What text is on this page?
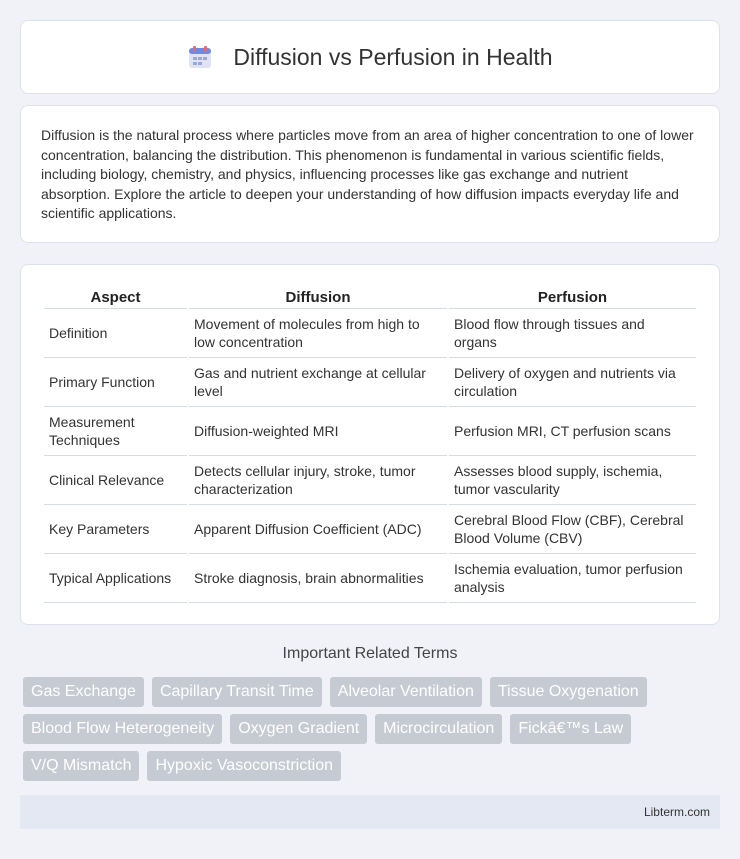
Diffusion vs Perfusion in Health

Diffusion is the natural process where particles move from an area of higher concentration to one of lower concentration, balancing the distribution. This phenomenon is fundamental in various scientific fields, including biology, chemistry, and physics, influencing processes like gas exchange and nutrient absorption. Explore the article to deepen your understanding of how diffusion impacts everyday life and scientific applications.

Aspect	Diffusion	Perfusion
Definition	Movement of molecules from high to low concentration	Blood flow through tissues and organs
Primary Function	Gas and nutrient exchange at cellular level	Delivery of oxygen and nutrients via circulation
Measurement Techniques	Diffusion-weighted MRI	Perfusion MRI, CT perfusion scans
Clinical Relevance	Detects cellular injury, stroke, tumor characterization	Assesses blood supply, ischemia, tumor vascularity
Key Parameters	Apparent Diffusion Coefficient (ADC)	Cerebral Blood Flow (CBF), Cerebral Blood Volume (CBV)
Typical Applications	Stroke diagnosis, brain abnormalities	Ischemia evaluation, tumor perfusion analysis
Important Related Terms
Gas Exchange	Capillary Transit Time	Alveolar Ventilation	Tissue Oxygenation
Blood Flow Heterogeneity	Oxygen Gradient	Microcirculation	Fickâ€™s Law
V/Q Mismatch	Hypoxic Vasoconstriction
Libterm.com
